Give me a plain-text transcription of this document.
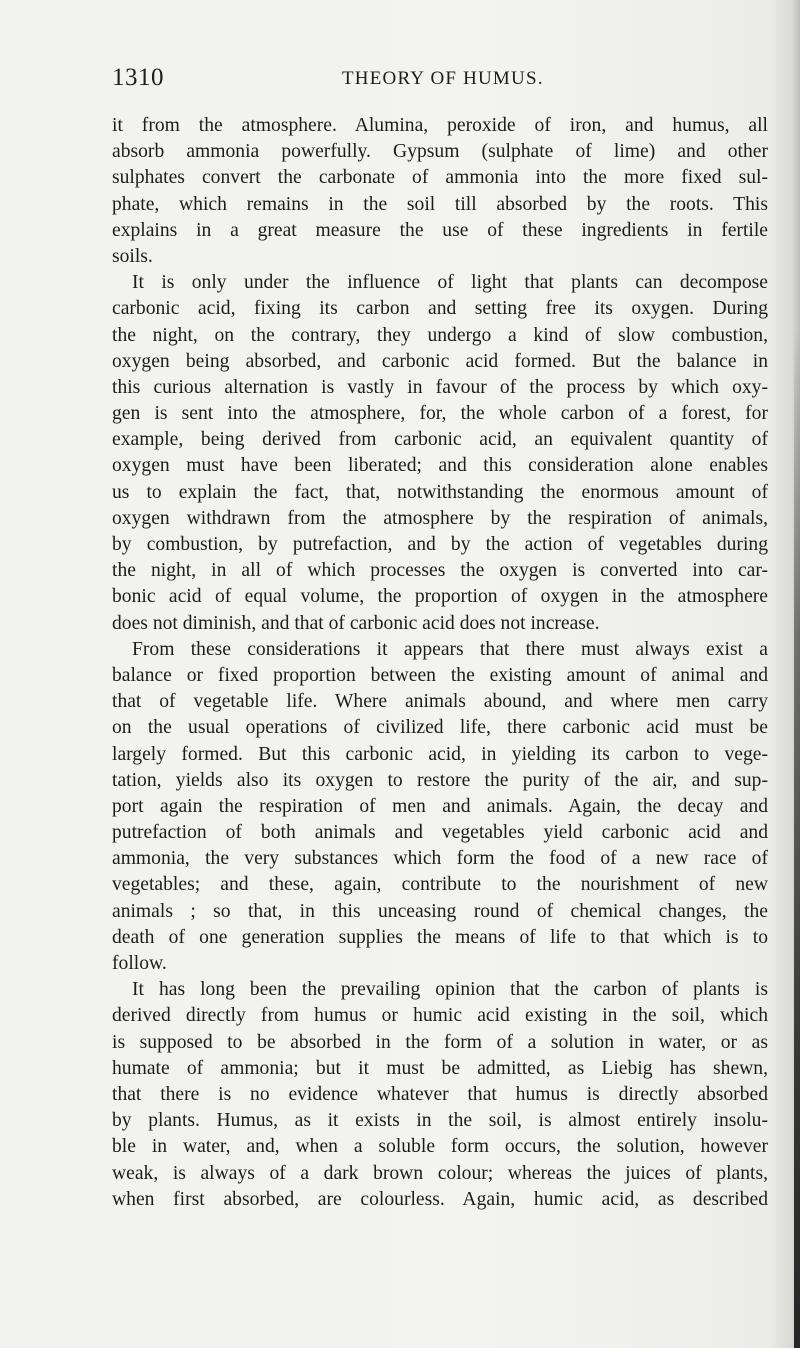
1310	THEORY OF HUMUS.
it from the atmosphere. Alumina, peroxide of iron, and humus, all
absorb ammonia powerfully. Gypsum (sulphate of lime) and other
sulphates convert the carbonate of ammonia into the more fixed sul-
phate, which remains in the soil till absorbed by the roots. This
explains in a great measure the use of these ingredients in fertile
soils.
It is only under the influence of light that plants can decompose
carbonic acid, fixing its carbon and setting free its oxygen. During
the night, on the contrary, they undergo a kind of slow combustion,
oxygen being absorbed, and carbonic acid formed. But the balance in
this curious alternation is vastly in favour of the process by which oxy-
gen is sent into the atmosphere, for, the whole carbon of a forest, for
example, being derived from carbonic acid, an equivalent quantity of
oxygen must have been liberated; and this consideration alone enables
us to explain the fact, that, notwithstanding the enormous amount of
oxygen withdrawn from the atmosphere by the respiration of animals,
by combustion, by putrefaction, and by the action of vegetables during
the night, in all of which processes the oxygen is converted into car-
bonic acid of equal volume, the proportion of oxygen in the atmosphere
does not diminish, and that of carbonic acid does not increase.
From these considerations it appears that there must always exist a
balance or fixed proportion between the existing amount of animal and
that of vegetable life. Where animals abound, and where men carry
on the usual operations of civilized life, there carbonic acid must be
largely formed. But this carbonic acid, in yielding its carbon to vege-
tation, yields also its oxygen to restore the purity of the air, and sup-
port again the respiration of men and animals. Again, the decay and
putrefaction of both animals and vegetables yield carbonic acid and
ammonia, the very substances which form the food of a new race of
vegetables; and these, again, contribute to the nourishment of new
animals ; so that, in this unceasing round of chemical changes, the
death of one generation supplies the means of life to that which is to
follow.
It has long been the prevailing opinion that the carbon of plants is
derived directly from humus or humic acid existing in the soil, which
is supposed to be absorbed in the form of a solution in water, or as
humate of ammonia; but it must be admitted, as Liebig has shewn,
that there is no evidence whatever that humus is directly absorbed
by plants. Humus, as it exists in the soil, is almost entirely insolu-
ble in water, and, when a soluble form occurs, the solution, however
weak, is always of a dark brown colour; whereas the juices of plants,
when first absorbed, are colourless. Again, humic acid, as described
